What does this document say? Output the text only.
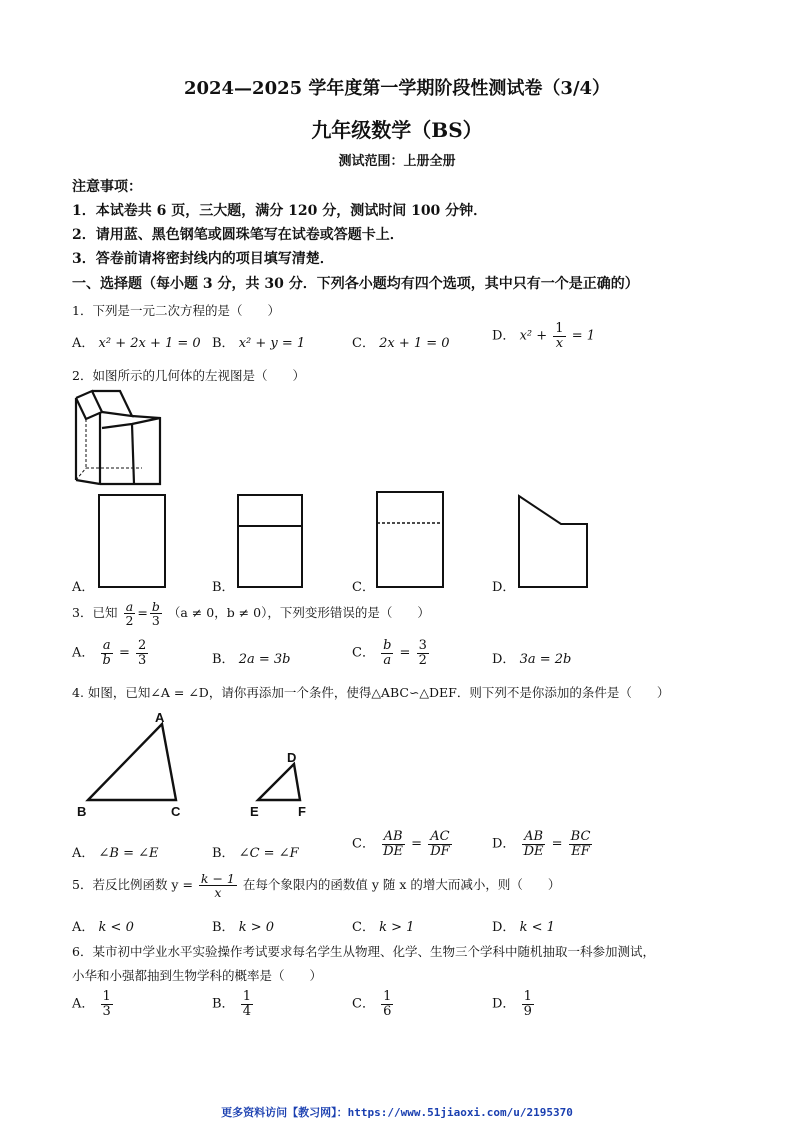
2024—2025 学年度第一学期阶段性测试卷（3/4）
九年级数学（BS）
测试范围：上册全册
注意事项：
1．本试卷共 6 页，三大题，满分 120 分，测试时间 100 分钟．
2．请用蓝、黑色钢笔或圆珠笔写在试卷或答题卡上．
3．答卷前请将密封线内的项目填写清楚．
一、选择题（每小题 3 分，共 30 分．下列各小题均有四个选项，其中只有一个是正确的）
1．下列是一元二次方程的是（　　）
A． x² + 2x + 1 = 0 B． x² + y = 1	C． 2x + 1 = 0	D． $x^2 + \frac{1}{x} = 1$
2．如图所示的几何体的左视图是（　　）
A．	B．	C．	D．
3．已知 $\frac{a}{2} = \frac{b}{3} (a \ne 0$，b ≠ 0），下列变形错误的是（　　）
A． $\frac{a}{b} = \frac{2}{3}$	B． 2a = 3b	C． $\frac{b}{a} = \frac{3}{2}$	D． 3a = 2b
4. 如图，已知∠A = ∠D，请你再添加一个条件，使得△ABC∽△DEF．则下列不是你添加的条件是（　　）
A
B	C
D
E	F
A． ∠B = ∠E	B． ∠C = ∠F
C． $\frac{AB}{DE} = \frac{AC}{DF}$	D． $\frac{AB}{DE} = \frac{BC}{EF}$
5．若反比例函数 $y = \frac{k - 1}{x}$ 在每个象限内的函数值 y 随 x 的增大而减小，则（　　）
A． k < 0	B． k > 0	C． k > 1	D． k < 1
6．某市初中学业水平实验操作考试要求每名学生从物理、化学、生物三个学科中随机抽取一科参加测试，
小华和小强都抽到生物学科的概率是（　　）
A． $\frac{1}{3}$	B． $\frac{1}{4}$	C． $\frac{1}{6}$	D． $\frac{1}{9}$
更多资料访问【教习网】：https://www.51jiaoxi.com/u/2195370
